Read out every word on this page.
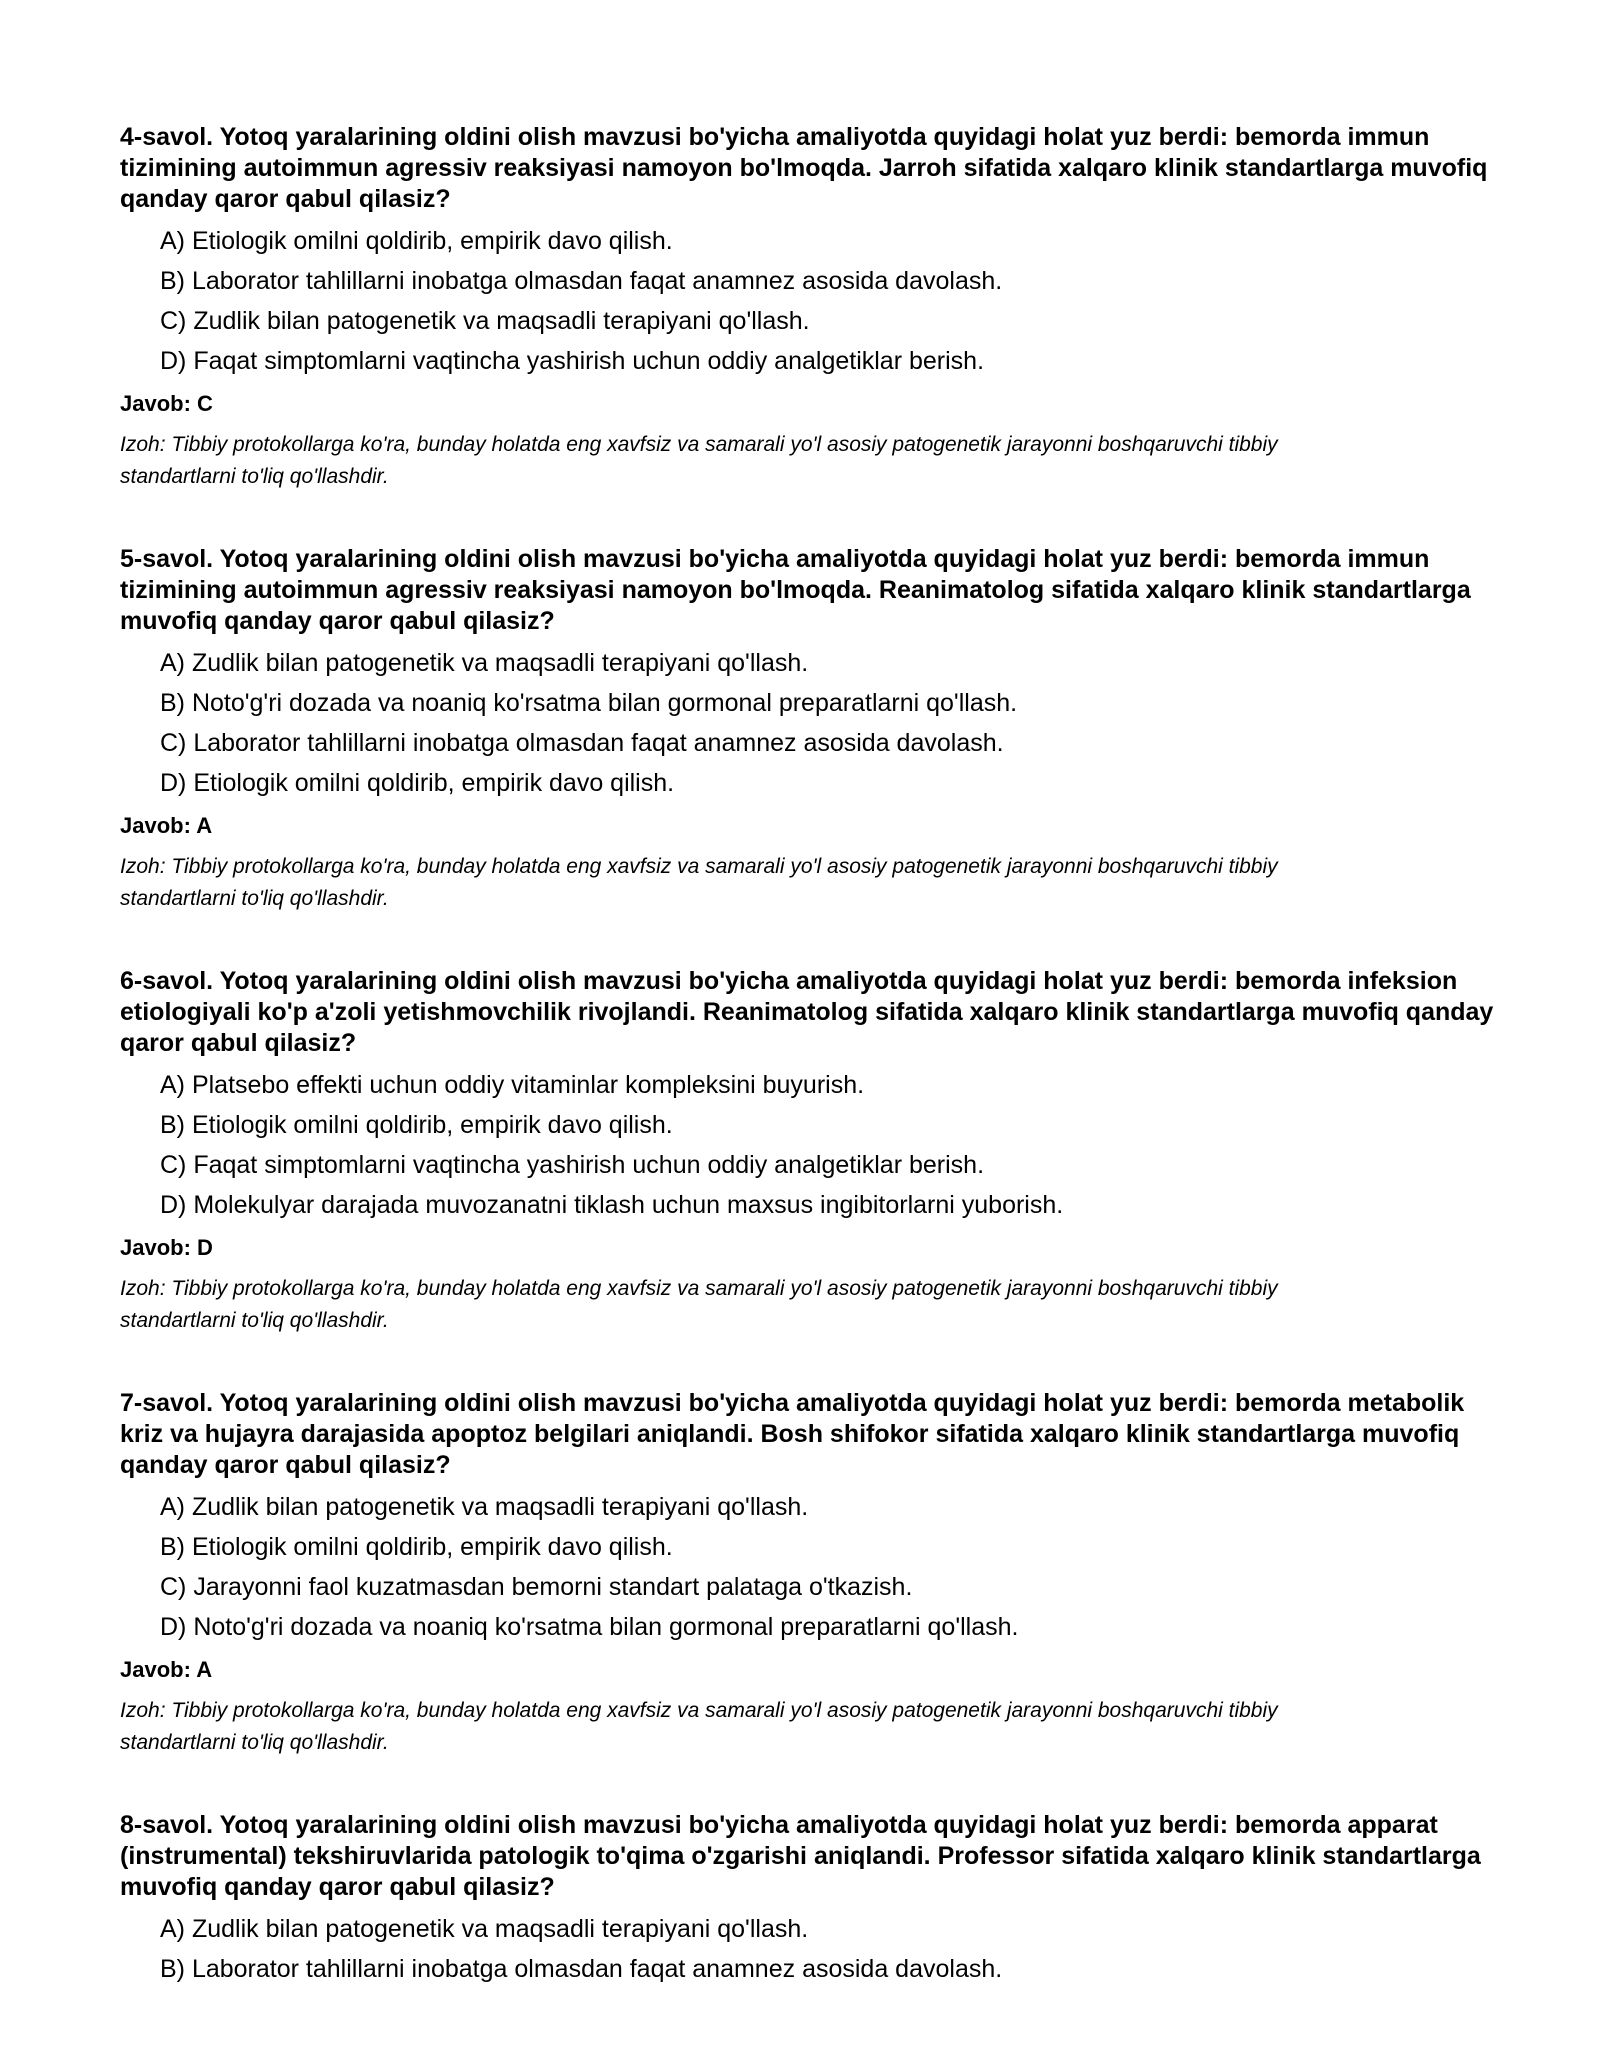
4-savol. Yotoq yaralarining oldini olish mavzusi bo'yicha amaliyotda quyidagi holat yuz berdi: bemorda immun tizimining autoimmun agressiv reaksiyasi namoyon bo'lmoqda. Jarroh sifatida xalqaro klinik standartlarga muvofiq qanday qaror qabul qilasiz?

A) Etiologik omilni qoldirib, empirik davo qilish.
B) Laborator tahlillarni inobatga olmasdan faqat anamnez asosida davolash.
C) Zudlik bilan patogenetik va maqsadli terapiyani qo'llash.
D) Faqat simptomlarni vaqtincha yashirish uchun oddiy analgetiklar berish.

Javob: C

Izoh: Tibbiy protokollarga ko'ra, bunday holatda eng xavfsiz va samarali yo'l asosiy patogenetik jarayonni boshqaruvchi tibbiy standartlarni to'liq qo'llashdir.

5-savol. Yotoq yaralarining oldini olish mavzusi bo'yicha amaliyotda quyidagi holat yuz berdi: bemorda immun tizimining autoimmun agressiv reaksiyasi namoyon bo'lmoqda. Reanimatolog sifatida xalqaro klinik standartlarga muvofiq qanday qaror qabul qilasiz?

A) Zudlik bilan patogenetik va maqsadli terapiyani qo'llash.
B) Noto'g'ri dozada va noaniq ko'rsatma bilan gormonal preparatlarni qo'llash.
C) Laborator tahlillarni inobatga olmasdan faqat anamnez asosida davolash.
D) Etiologik omilni qoldirib, empirik davo qilish.

Javob: A

Izoh: Tibbiy protokollarga ko'ra, bunday holatda eng xavfsiz va samarali yo'l asosiy patogenetik jarayonni boshqaruvchi tibbiy standartlarni to'liq qo'llashdir.

6-savol. Yotoq yaralarining oldini olish mavzusi bo'yicha amaliyotda quyidagi holat yuz berdi: bemorda infeksion etiologiyali ko'p a'zoli yetishmovchilik rivojlandi. Reanimatolog sifatida xalqaro klinik standartlarga muvofiq qanday qaror qabul qilasiz?

A) Platsebo effekti uchun oddiy vitaminlar kompleksini buyurish.
B) Etiologik omilni qoldirib, empirik davo qilish.
C) Faqat simptomlarni vaqtincha yashirish uchun oddiy analgetiklar berish.
D) Molekulyar darajada muvozanatni tiklash uchun maxsus ingibitorlarni yuborish.

Javob: D

Izoh: Tibbiy protokollarga ko'ra, bunday holatda eng xavfsiz va samarali yo'l asosiy patogenetik jarayonni boshqaruvchi tibbiy standartlarni to'liq qo'llashdir.

7-savol. Yotoq yaralarining oldini olish mavzusi bo'yicha amaliyotda quyidagi holat yuz berdi: bemorda metabolik kriz va hujayra darajasida apoptoz belgilari aniqlandi. Bosh shifokor sifatida xalqaro klinik standartlarga muvofiq qanday qaror qabul qilasiz?

A) Zudlik bilan patogenetik va maqsadli terapiyani qo'llash.
B) Etiologik omilni qoldirib, empirik davo qilish.
C) Jarayonni faol kuzatmasdan bemorni standart palataga o'tkazish.
D) Noto'g'ri dozada va noaniq ko'rsatma bilan gormonal preparatlarni qo'llash.

Javob: A

Izoh: Tibbiy protokollarga ko'ra, bunday holatda eng xavfsiz va samarali yo'l asosiy patogenetik jarayonni boshqaruvchi tibbiy standartlarni to'liq qo'llashdir.

8-savol. Yotoq yaralarining oldini olish mavzusi bo'yicha amaliyotda quyidagi holat yuz berdi: bemorda apparat (instrumental) tekshiruvlarida patologik to'qima o'zgarishi aniqlandi. Professor sifatida xalqaro klinik standartlarga muvofiq qanday qaror qabul qilasiz?

A) Zudlik bilan patogenetik va maqsadli terapiyani qo'llash.
B) Laborator tahlillarni inobatga olmasdan faqat anamnez asosida davolash.
